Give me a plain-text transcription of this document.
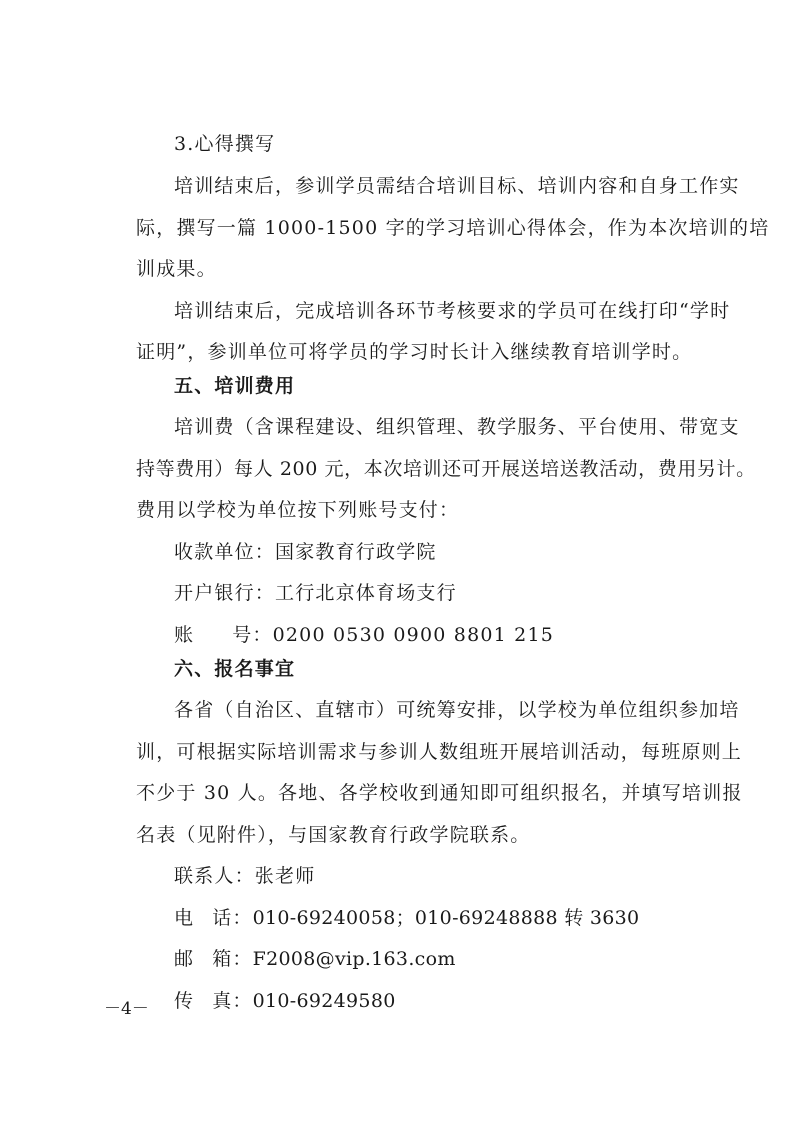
3.心得撰写
培训结束后，参训学员需结合培训目标、培训内容和自身工作实
际，撰写一篇 1000-1500 字的学习培训心得体会，作为本次培训的培
训成果。
培训结束后，完成培训各环节考核要求的学员可在线打印“学时
证明”，参训单位可将学员的学习时长计入继续教育培训学时。
五、培训费用
培训费（含课程建设、组织管理、教学服务、平台使用、带宽支
持等费用）每人 200 元，本次培训还可开展送培送教活动，费用另计。
费用以学校为单位按下列账号支付：
收款单位：国家教育行政学院
开户银行：工行北京体育场支行
账 号：0200 0530 0900 8801 215
六、报名事宜
各省（自治区、直辖市）可统筹安排，以学校为单位组织参加培
训，可根据实际培训需求与参训人数组班开展培训活动，每班原则上
不少于 30 人。各地、各学校收到通知即可组织报名，并填写培训报
名表（见附件），与国家教育行政学院联系。
联系人：张老师
电 话：010-69240058；010-69248888 转 3630
邮 箱：F2008@vip.163.com
传 真：010-69249580
－4－
